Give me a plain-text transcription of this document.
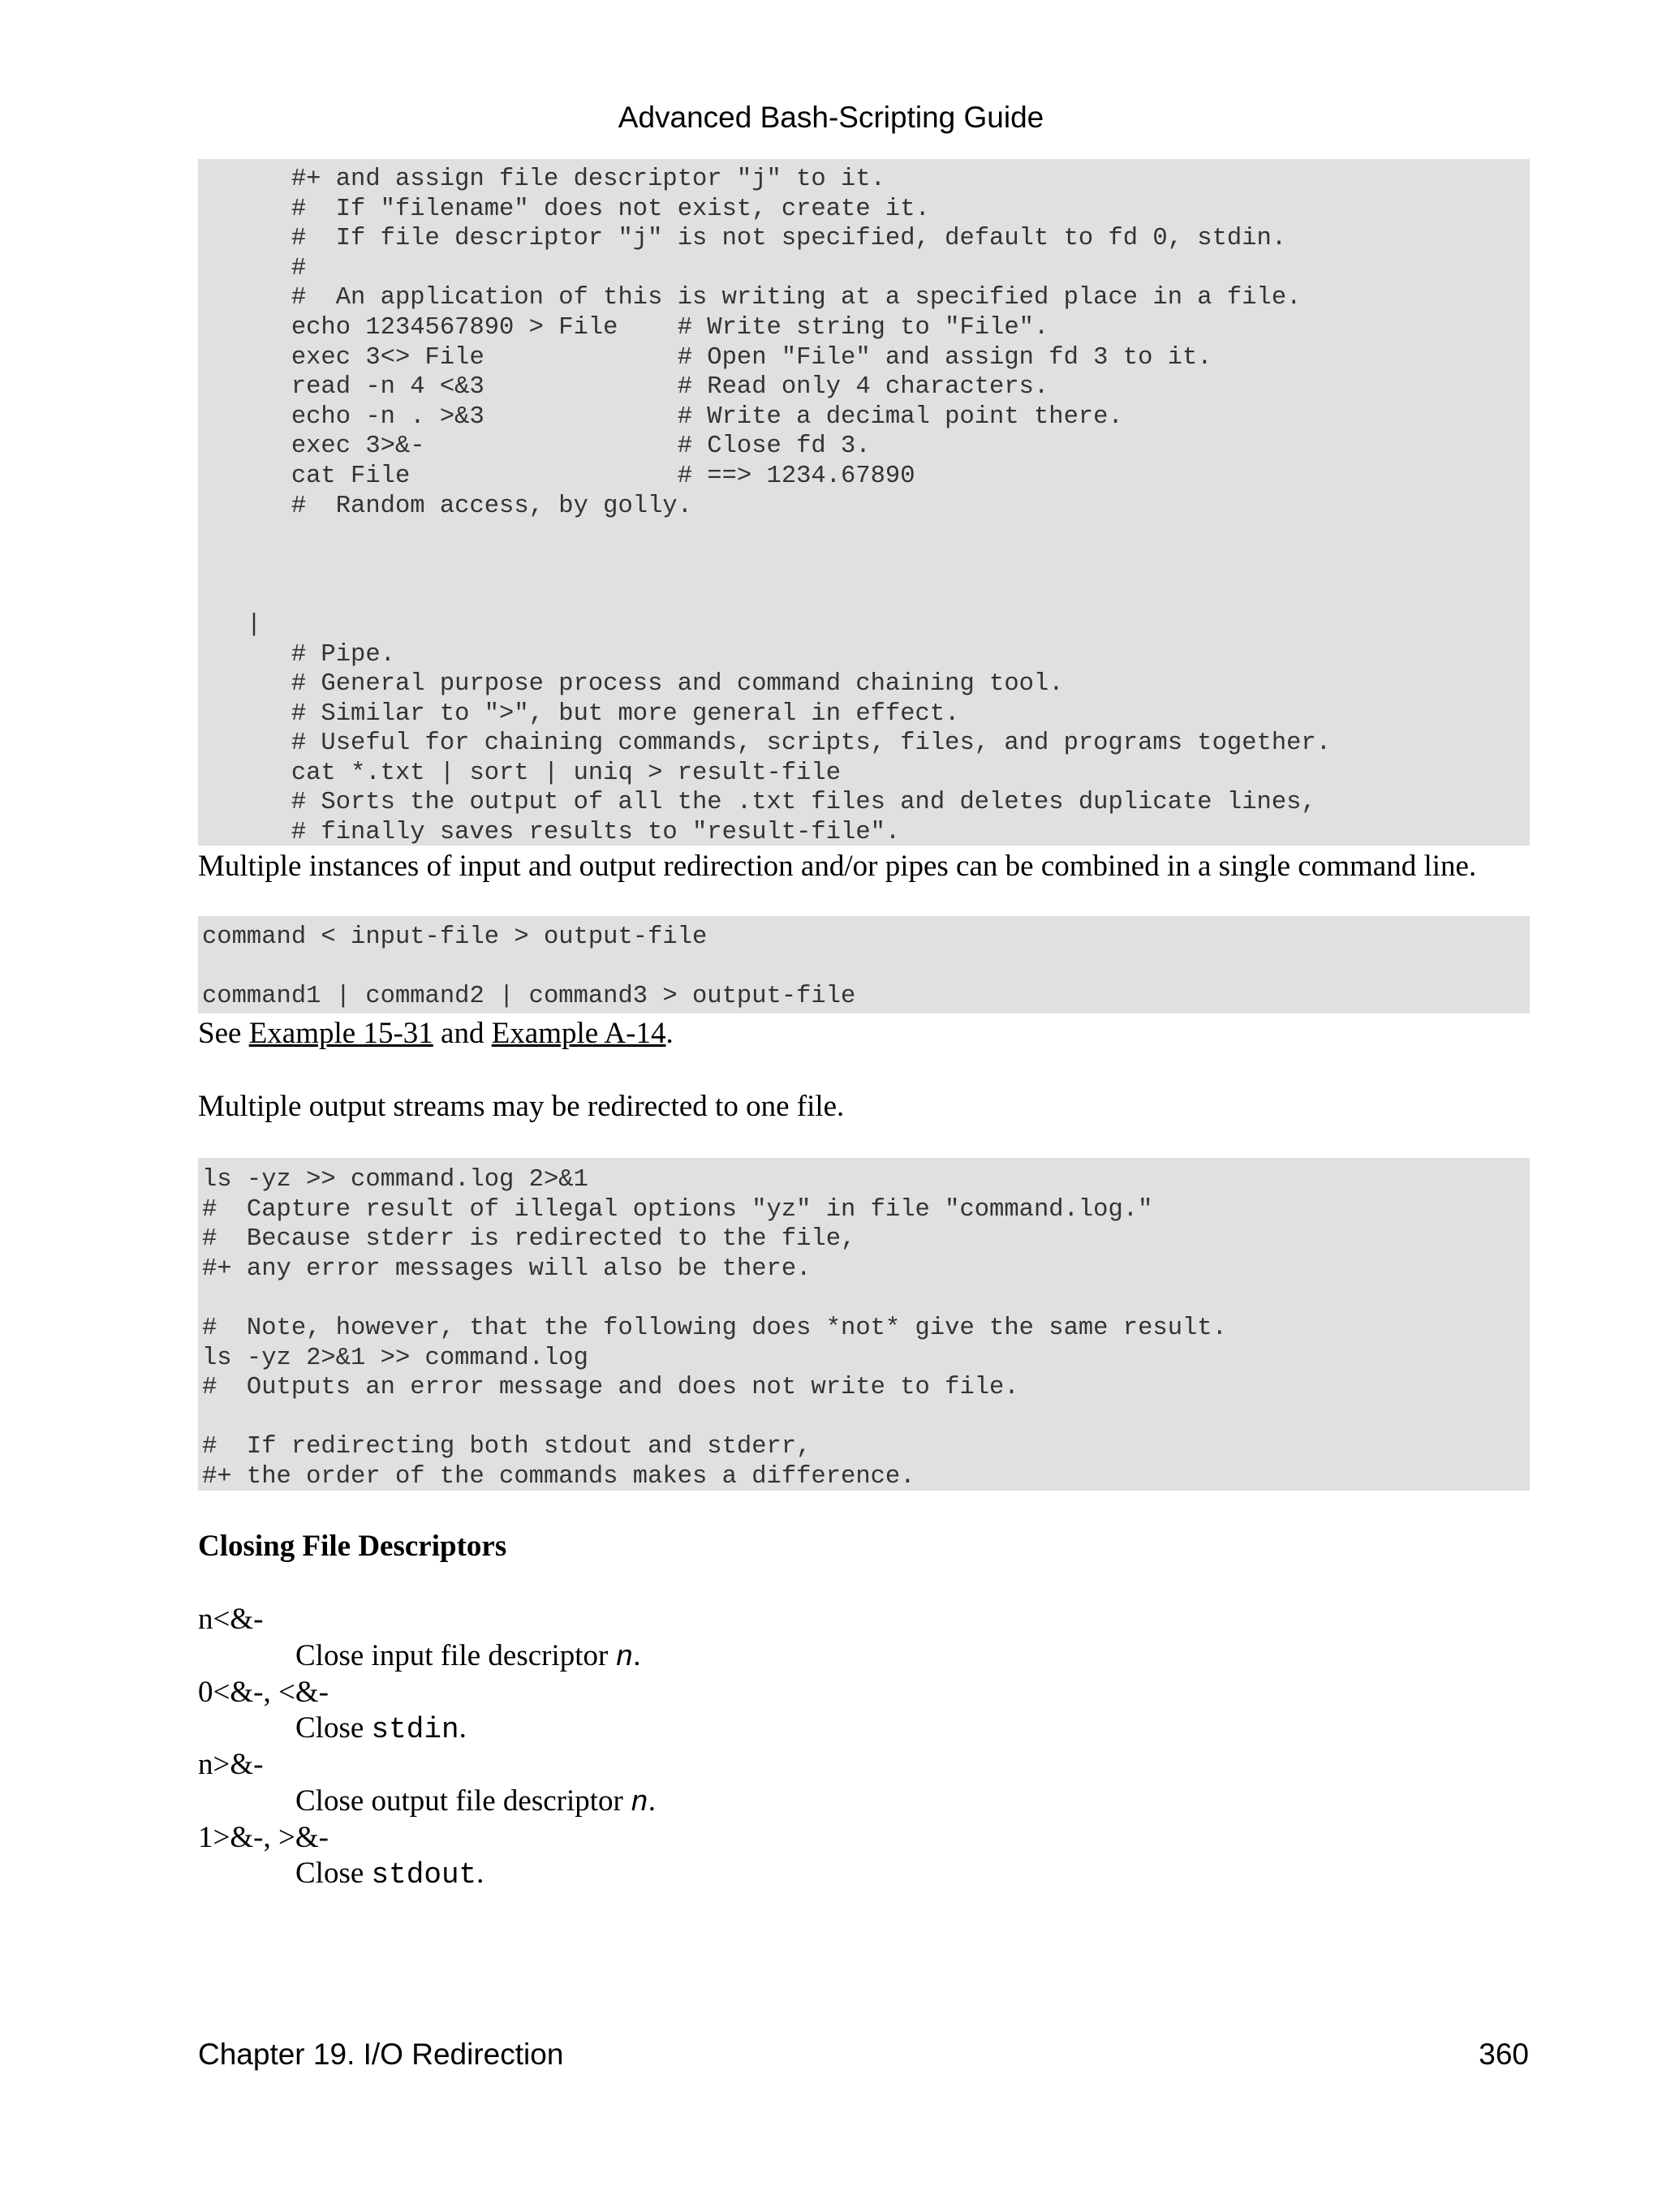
Advanced Bash-Scripting Guide
#+ and assign file descriptor "j" to it.
#  If "filename" does not exist, create it.
#  If file descriptor "j" is not specified, default to fd 0, stdin.
#
#  An application of this is writing at a specified place in a file.
echo 1234567890 > File    # Write string to "File".
exec 3<> File             # Open "File" and assign fd 3 to it.
read -n 4 <&3             # Read only 4 characters.
echo -n . >&3             # Write a decimal point there.
exec 3>&-                 # Close fd 3.
cat File                  # ==> 1234.67890
#  Random access, by golly.
|
# Pipe.
# General purpose process and command chaining tool.
# Similar to ">", but more general in effect.
# Useful for chaining commands, scripts, files, and programs together.
cat *.txt | sort | uniq > result-file
# Sorts the output of all the .txt files and deletes duplicate lines,
# finally saves results to "result-file".
Multiple instances of input and output redirection and/or pipes can be combined in a single command line.
command < input-file > output-file
command1 | command2 | command3 > output-file
See Example 15-31 and Example A-14.
Multiple output streams may be redirected to one file.
ls -yz >> command.log 2>&1
#  Capture result of illegal options "yz" in file "command.log."
#  Because stderr is redirected to the file,
#+ any error messages will also be there.
#  Note, however, that the following does *not* give the same result.
ls -yz 2>&1 >> command.log
#  Outputs an error message and does not write to file.
#  If redirecting both stdout and stderr,
#+ the order of the commands makes a difference.
Closing File Descriptors
n<&-
Close input file descriptor n.
0<&-, <&-
Close stdin.
n>&-
Close output file descriptor n.
1>&-, >&-
Close stdout.
Chapter 19. I/O Redirection	360
